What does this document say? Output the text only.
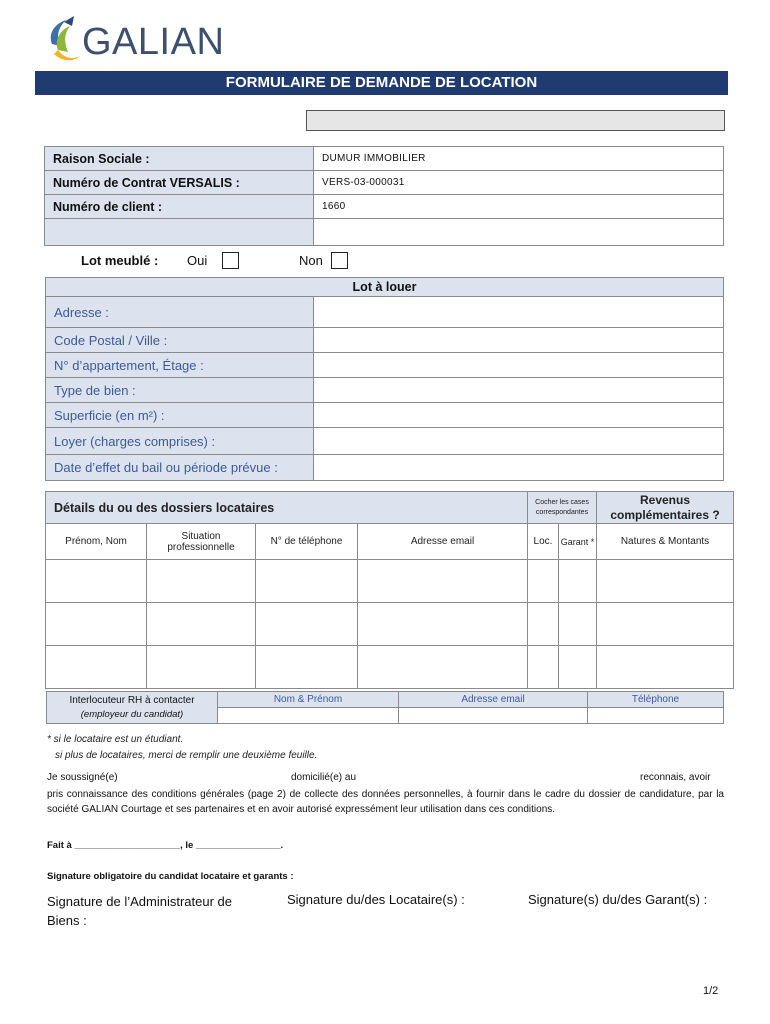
GALIAN
FORMULAIRE DE DEMANDE DE LOCATION
Raison Sociale :	DUMUR IMMOBILIER
Numéro de Contrat VERSALIS :	VERS-03-000031
Numéro de client :	1660

Lot meublé : Oui	Non
Lot à louer	
Adresse :	
Code Postal / Ville :	
N° d’appartement, Étage :	
Type de bien :	
Superficie (en m²) :	
Loyer (charges comprises) :	
Date d’effet du bail ou période prévue :	
Détails du ou des dossiers locataires				Cocher les cases correspondantes		Revenus complémentaires ?
Prénom, Nom	Situation professionnelle	N° de téléphone	Adresse email	Loc.	Garant *	Natures & Montants

Interlocuteur RH à contacter
(employeur du candidat)	Nom & Prénom	Adresse email	Téléphone

* si le locataire est un étudiant.
si plus de locataires, merci de remplir une deuxième feuille.
Je soussigné(e)	domicilié(e) au	reconnais, avoir
pris connaissance des conditions générales (page 2) de collecte des données personnelles, à fournir dans le cadre du dossier de candidature, par la société GALIAN Courtage et ses partenaires et en avoir autorisé expressément leur utilisation dans ces conditions.
Fait à ____________________, le ________________.
Signature obligatoire du candidat locataire et garants :
Signature de l’Administrateur de Biens :
Signature du/des Locataire(s) :	Signature(s) du/des Garant(s) :
1/2
